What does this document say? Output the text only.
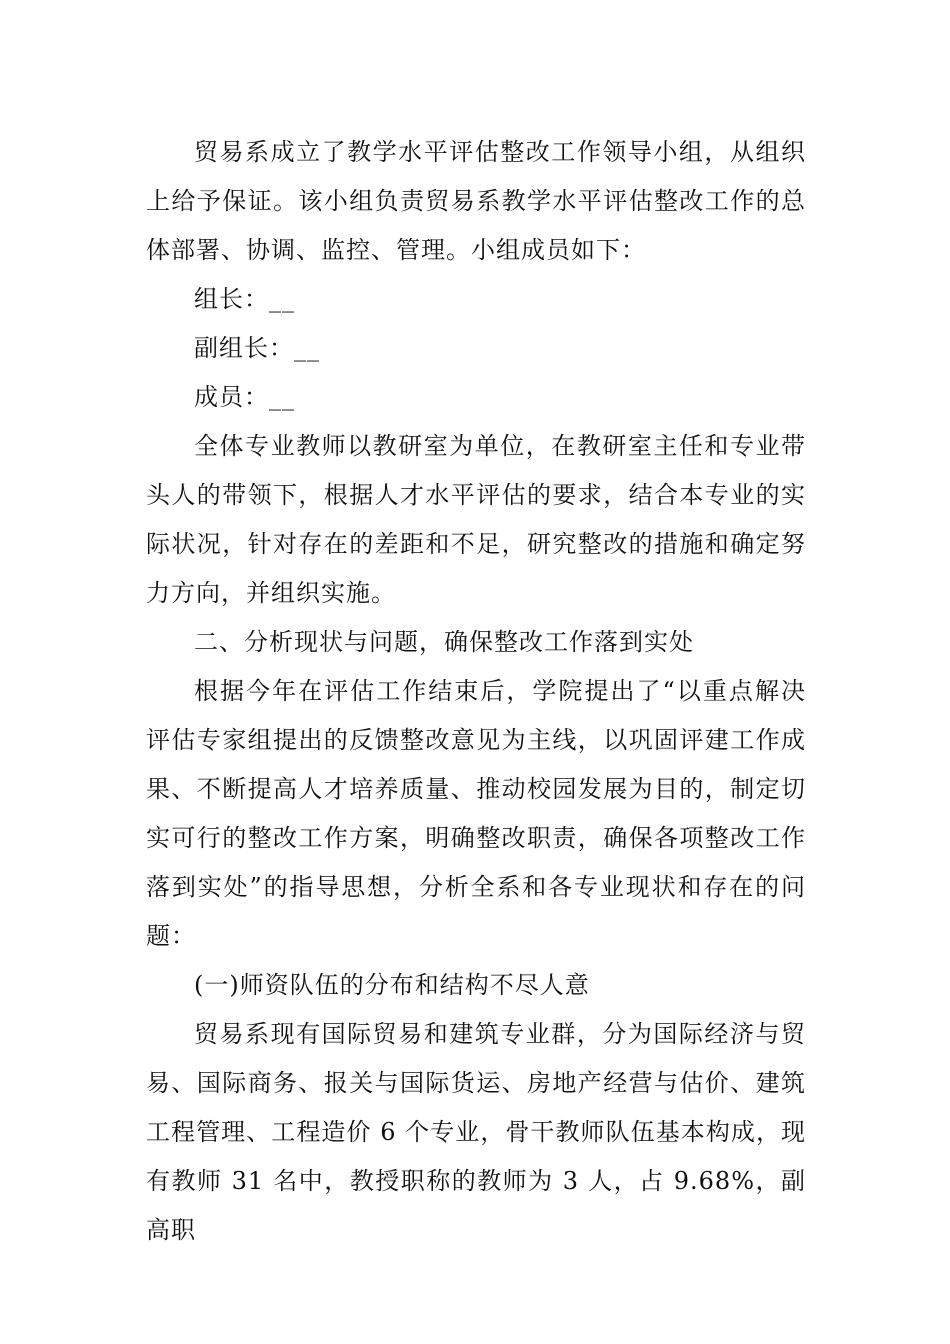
贸易系成立了教学水平评估整改工作领导小组，从组织上给予保证。该小组负责贸易系教学水平评估整改工作的总体部署、协调、监控、管理。小组成员如下：

组长：__

副组长：__

成员：__

全体专业教师以教研室为单位，在教研室主任和专业带头人的带领下，根据人才水平评估的要求，结合本专业的实际状况，针对存在的差距和不足，研究整改的措施和确定努力方向，并组织实施。

二、分析现状与问题，确保整改工作落到实处

根据今年在评估工作结束后，学院提出了“以重点解决评估专家组提出的反馈整改意见为主线，以巩固评建工作成果、不断提高人才培养质量、推动校园发展为目的，制定切实可行的整改工作方案，明确整改职责，确保各项整改工作落到实处”的指导思想，分析全系和各专业现状和存在的问题：

(一)师资队伍的分布和结构不尽人意

贸易系现有国际贸易和建筑专业群，分为国际经济与贸易、国际商务、报关与国际货运、房地产经营与估价、建筑工程管理、工程造价 6 个专业，骨干教师队伍基本构成，现有教师 31 名中，教授职称的教师为 3 人，占 9.68%，副高职
